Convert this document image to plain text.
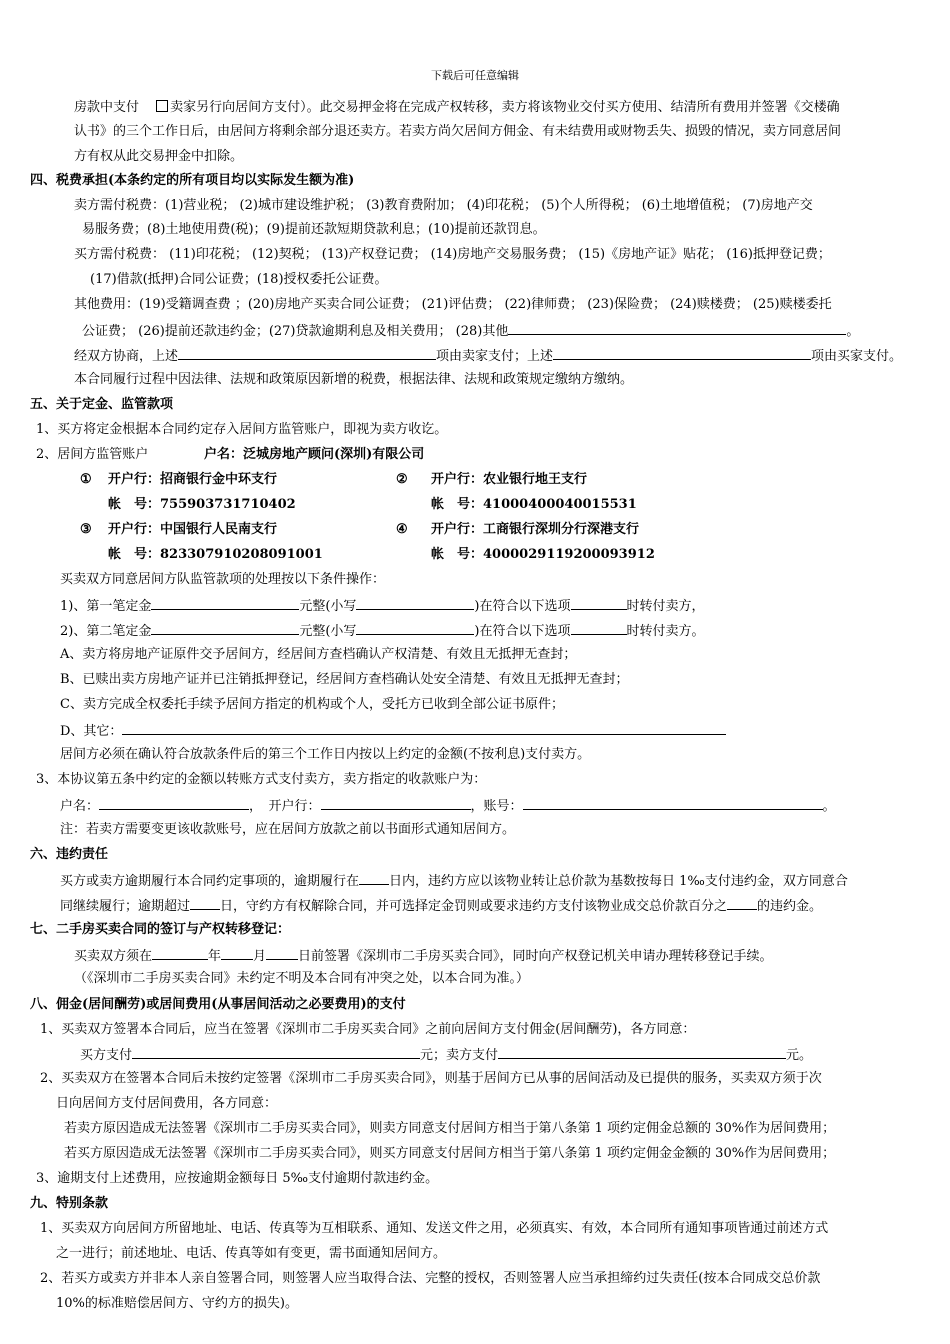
下载后可任意编辑
房款中支付　 卖家另行向居间方支付）。此交易押金将在完成产权转移，卖方将该物业交付买方使用、结清所有费用并签署《交楼确
认书》的三个工作日后，由居间方将剩余部分退还卖方。若卖方尚欠居间方佣金、有未结费用或财物丢失、损毁的情况，卖方同意居间
方有权从此交易押金中扣除。
四、税费承担(本条约定的所有项目均以实际发生额为准)
卖方需付税费：(1)营业税； (2)城市建设维护税； (3)教育费附加； (4)印花税； (5)个人所得税； (6)土地增值税； (7)房地产交
易服务费；(8)土地使用费(税)；(9)提前还款短期贷款利息；(10)提前还款罚息。
买方需付税费： (11)印花税； (12)契税； (13)产权登记费； (14)房地产交易服务费； (15)《房地产证》贴花； (16)抵押登记费；
(17)借款(抵押)合同公证费；(18)授权委托公证费。
其他费用：(19)受籍调查费 ；(20)房地产买卖合同公证费； (21)评估费； (22)律师费； (23)保险费； (24)赎楼费； (25)赎楼委托
公证费； (26)提前还款违约金；(27)贷款逾期利息及相关费用； (28)其他	。
经双方协商，上述	项由卖家支付；上述	项由买家支付。
本合同履行过程中因法律、法规和政策原因新增的税费，根据法律、法规和政策规定缴纳方缴纳。
五、关于定金、监管款项
1、买方将定金根据本合同约定存入居间方监管账户，即视为卖方收讫。
2、居间方监管账户	户名：泛城房地产顾问(深圳)有限公司
① 开户行：招商银行金中环支行
帐　号：755903731710402
② 开户行：农业银行地王支行
帐　号：41000400040015531
③ 开户行：中国银行人民南支行
帐　号：823307910208091001
④ 开户行：工商银行深圳分行深港支行
帐　号：4000029119200093912
买卖双方同意居间方队监管款项的处理按以下条件操作：
1)、第一笔定金	元整(小写	)在符合以下选项	时转付卖方，
2)、第二笔定金	元整(小写	)在符合以下选项	时转付卖方。
A、卖方将房地产证原件交予居间方，经居间方查档确认产权清楚、有效且无抵押无查封；
B、已赎出卖方房地产证并已注销抵押登记，经居间方查档确认处安全清楚、有效且无抵押无查封；
C、卖方完成全权委托手续予居间方指定的机构或个人，受托方已收到全部公证书原件；
D、其它：
居间方必须在确认符合放款条件后的第三个工作日内按以上约定的金额(不按利息)支付卖方。
3、本协议第五条中约定的金额以转账方式支付卖方，卖方指定的收款账户为：
户名：	，　开户行：	，账号：	。
注：若卖方需要变更该收款账号，应在居间方放款之前以书面形式通知居间方。
六、违约责任
买方或卖方逾期履行本合同约定事项的，逾期履行在 日内，违约方应以该物业转让总价款为基数按每日 1‰支付违约金，双方同意合
同继续履行；逾期超过 日，守约方有权解除合同，并可选择定金罚则或要求违约方支付该物业成交总价款百分之 的违约金。
七、二手房买卖合同的签订与产权转移登记：
买卖双方须在	年 月 日前签署《深圳市二手房买卖合同》，同时向产权登记机关申请办理转移登记手续。
（《深圳市二手房买卖合同》未约定不明及本合同有冲突之处，以本合同为准。）
八、佣金(居间酬劳)或居间费用(从事居间活动之必要费用)的支付
1、买卖双方签署本合同后，应当在签署《深圳市二手房买卖合同》之前向居间方支付佣金(居间酬劳)，各方同意：
买方支付	元；卖方支付	元。
2、买卖双方在签署本合同后未按约定签署《深圳市二手房买卖合同》，则基于居间方已从事的居间活动及已提供的服务，买卖双方须于次
日向居间方支付居间费用，各方同意：
若卖方原因造成无法签署《深圳市二手房买卖合同》，则卖方同意支付居间方相当于第八条第 1 项约定佣金总额的 30%作为居间费用；
若买方原因造成无法签署《深圳市二手房买卖合同》，则买方同意支付居间方相当于第八条第 1 项约定佣金金额的 30%作为居间费用；
3、逾期支付上述费用，应按逾期金额每日 5‰支付逾期付款违约金。
九、特别条款
1、买卖双方向居间方所留地址、电话、传真等为互相联系、通知、发送文件之用，必须真实、有效，本合同所有通知事项皆通过前述方式
之一进行；前述地址、电话、传真等如有变更，需书面通知居间方。
2、若买方或卖方并非本人亲自签署合同，则签署人应当取得合法、完整的授权，否则签署人应当承担缔约过失责任(按本合同成交总价款
10%的标准赔偿居间方、守约方的损失)。
